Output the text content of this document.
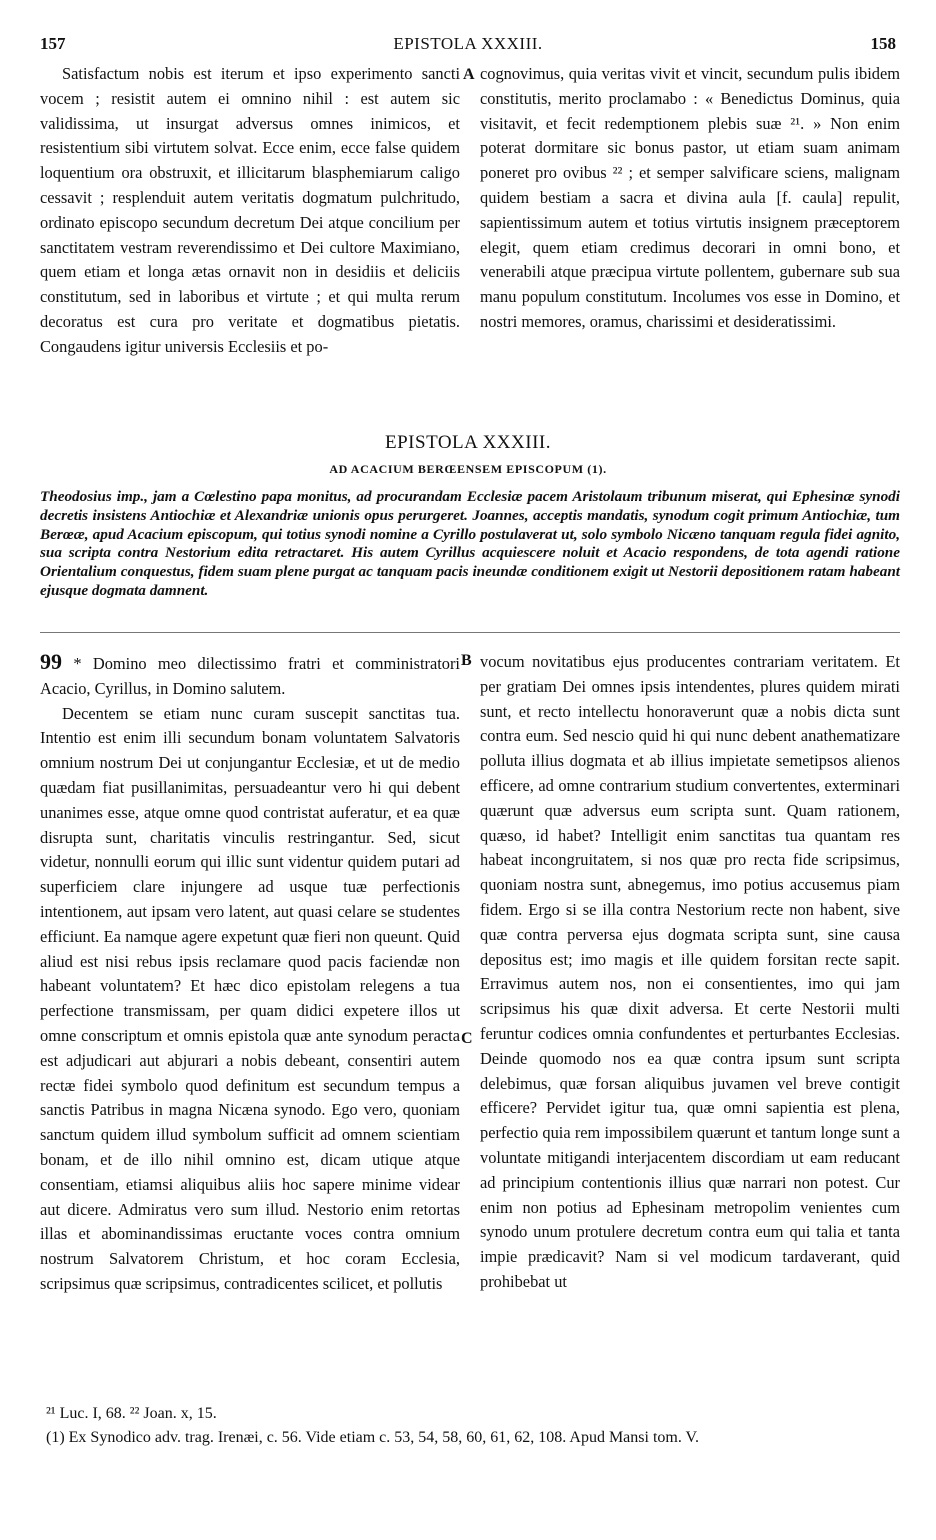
157	EPISTOLA XXXIII.	158

Satisfactum nobis est iterum et ipso experimento sancti vocem ; resistit autem ei omnino nihil : est autem sic validissima, ut insurgat adversus omnes inimicos, et resistentium sibi virtutem solvat. Ecce enim, ecce false quidem loquentium ora obstruxit, et illicitarum blasphemiarum caligo cessavit ; resplenduit autem veritatis dogmatum pulchritudo, ordinato episcopo secundum decretum Dei atque concilium per sanctitatem vestram reverendissimo et Dei cultore Maximiano, quem etiam et longa ætas ornavit non in desidiis et deliciis constitutum, sed in laboribus et virtute ; et qui multa rerum decoratus est cura pro veritate et dogmatibus pietatis. Congaudens igitur universis Ecclesiis et po-

A cognovimus, quia veritas vivit et vincit, secundum pulis ibidem constitutis, merito proclamabo : « Benedictus Dominus, quia visitavit, et fecit redemptionem plebis suæ ²¹. » Non enim poterat dormitare sic bonus pastor, ut etiam suam animam poneret pro ovibus ²² ; et semper salvificare sciens, malignam quidem bestiam a sacra et divina aula [f. caula] repulit, sapientissimum autem et totius virtutis insignem præceptorem elegit, quem etiam credimus decorari in omni bono, et venerabili atque præcipua virtute pollentem, gubernare sub sua manu populum constitutum. Incolumes vos esse in Domino, et nostri memores, oramus, charissimi et desideratissimi.

EPISTOLA XXXIII.
AD ACACIUM BERŒENSEM EPISCOPUM (1).
Theodosius imp., jam a Cœlestino papa monitus, ad procurandam Ecclesiæ pacem Aristolaum tribunum miserat, qui Ephesinæ synodi decretis insistens Antiochiæ et Alexandriæ unionis opus perurgeret. Joannes, acceptis mandatis, synodum cogit primum Antiochiæ, tum Berœæ, apud Acacium episcopum, qui totius synodi nomine a Cyrillo postulaverat ut, solo symbolo Nicæno tanquam regula fidei agnito, sua scripta contra Nestorium edita retractaret. His autem Cyrillus acquiescere noluit et Acacio respondens, de tota agendi ratione Orientalium conquestus, fidem suam plene purgat ac tanquam pacis ineundæ conditionem exigit ut Nestorii depositionem ratam habeant ejusque dogmata damnent.

99 * Domino meo dilectissimo fratri et comministratori Acacio, Cyrillus, in Domino salutem.

Decentem se etiam nunc curam suscepit sanctitas tua. Intentio est enim illi secundum bonam voluntatem Salvatoris omnium nostrum Dei ut conjungantur Ecclesiæ, et ut de medio quædam fiat pusillanimitas, persuadeantur vero hi qui debent unanimes esse, atque omne quod contristat auferatur, et ea quæ disrupta sunt, charitatis vinculis restringantur. Sed, sicut videtur, nonnulli eorum qui illic sunt videntur quidem putari ad superficiem clare injungere ad usque tuæ perfectionis intentionem, aut ipsam vero latent, aut quasi celare se studentes efficiunt. Ea namque agere expetunt quæ fieri non queunt. Quid aliud est nisi rebus ipsis reclamare quod pacis faciendæ non habeant voluntatem? Et hæc dico epistolam relegens a tua perfectione transmissam, per quam didici expetere illos ut omne conscriptum et omnis epistola quæ ante synodum peracta est adjudicari aut abjurari a nobis debeant, consentiri autem rectæ fidei symbolo quod definitum est secundum tempus a sanctis Patribus in magna Nicæna synodo. Ego vero, quoniam sanctum quidem illud symbolum sufficit ad omnem scientiam bonam, et de illo nihil omnino est, dicam utique atque consentiam, etiamsi aliquibus aliis hoc sapere minime videar aut dicere. Admiratus vero sum illud. Nestorio enim retortas illas et abominandissimas eructante voces contra omnium nostrum Salvatorem Christum, et hoc coram Ecclesia, scripsimus quæ scripsimus, contradicentes scilicet, et pollutis

B
C

vocum novitatibus ejus producentes contrariam veritatem. Et per gratiam Dei omnes ipsis intendentes, plures quidem mirati sunt, et recto intellectu honoraverunt quæ a nobis dicta sunt contra eum. Sed nescio quid hi qui nunc debent anathematizare polluta illius dogmata et ab illius impietate semetipsos alienos efficere, ad omne contrarium studium convertentes, exterminari quærunt quæ adversus eum scripta sunt. Quam rationem, quæso, id habet? Intelligit enim sanctitas tua quantam res habeat incongruitatem, si nos quæ pro recta fide scripsimus, quoniam nostra sunt, abnegemus, imo potius accusemus piam fidem. Ergo si se illa contra Nestorium recte non habent, sive quæ contra perversa ejus dogmata scripta sunt, sine causa depositus est; imo magis et ille quidem forsitan recte sapit. Erravimus autem nos, non ei consentientes, imo qui jam scripsimus his quæ dixit adversa. Et certe Nestorii multi feruntur codices omnia confundentes et perturbantes Ecclesias. Deinde quomodo nos ea quæ contra ipsum sunt scripta delebimus, quæ forsan aliquibus juvamen vel breve contigit efficere? Pervidet igitur tua, quæ omni sapientia est plena, perfectio quia rem impossibilem quærunt et tantum longe sunt a voluntate mitigandi interjacentem discordiam ut eam reducant ad principium contentionis illius quæ narrari non potest. Cur enim non potius ad Ephesinam metropolim venientes cum synodo unum protulere decretum contra eum qui talia et tanta impie prædicavit? Nam si vel modicum tardaverant, quid prohibebat ut

²¹ Luc. I, 68. ²² Joan. x, 15.
(1) Ex Synodico adv. trag. Irenæi, c. 56. Vide etiam c. 53, 54, 58, 60, 61, 62, 108. Apud Mansi tom. V.
